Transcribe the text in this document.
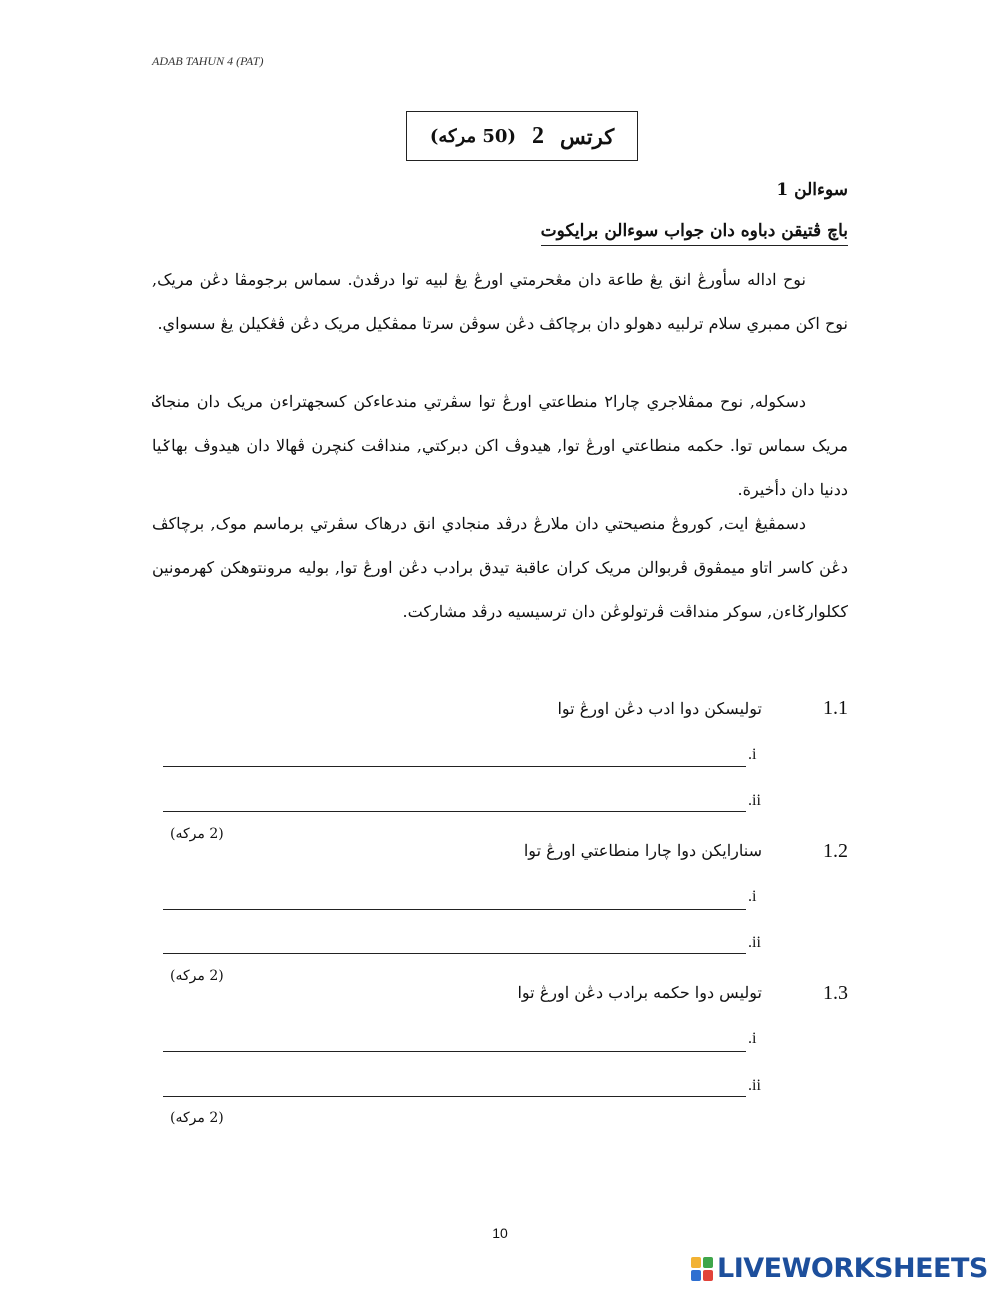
ADAB TAHUN 4 (PAT)
كرتس
2
(50 مركه)
سوءالن 1
باچ ڤتيقن دباوه دان جواب سوءالن برايكوت
نوح اداله سأورڠ انق يڠ طاعة دان مڠحرمتي اورڠ يڠ لبيه توا درڤدڽ. سماس برجومڤا دڠن مريک, نوح اکن ممبري سلام ترلبيه دهولو دان برچاکڤ دڠن سوڤن سرتا ممڤکيل مريک دڠن ڤڠکيلن يڠ سسواي.
دسکوله, نوح ممڤلاجري چارا٢ منطاعتي اورڠ توا سڤرتي مندعاءکن کسجهتراءن مريک دان منجاݢ مريک سماس توا. حکمه منطاعتي اورڠ توا, هيدوڤ اکن دبرکتي, منداڤت کنچرن ڤهالا دان هيدوڤ بهاݢيا ددنيا دان دأخيرة.
دسمڤيڠ ايت, کوروڠ منصيحتي دان ملارڠ درڤد منجادي انق درهاک سڤرتي برماسم موک, برچاکڤ دڠن کاسر اتاو ميمڤوق ڤربوالن مريک کران عاقبة تيدق برادب دڠن اورڠ توا, بوليه مرونتوهکن کهرمونين ککلوارݢاءن, سوکر منداڤت ڤرتولوڠن دان ترسيسيه درڤد مشارکت.
1.1
توليسکن دوا ادب دڠن اورڠ توا
.i
.ii
(2 مركه)
1.2
سنارايکن دوا چارا منطاعتي اورڠ توا
.i
.ii
(2 مركه)
1.3
توليس دوا حکمه برادب دڠن اورڠ توا
.i
.ii
(2 مركه)
10
LIVEWORKSHEETS
